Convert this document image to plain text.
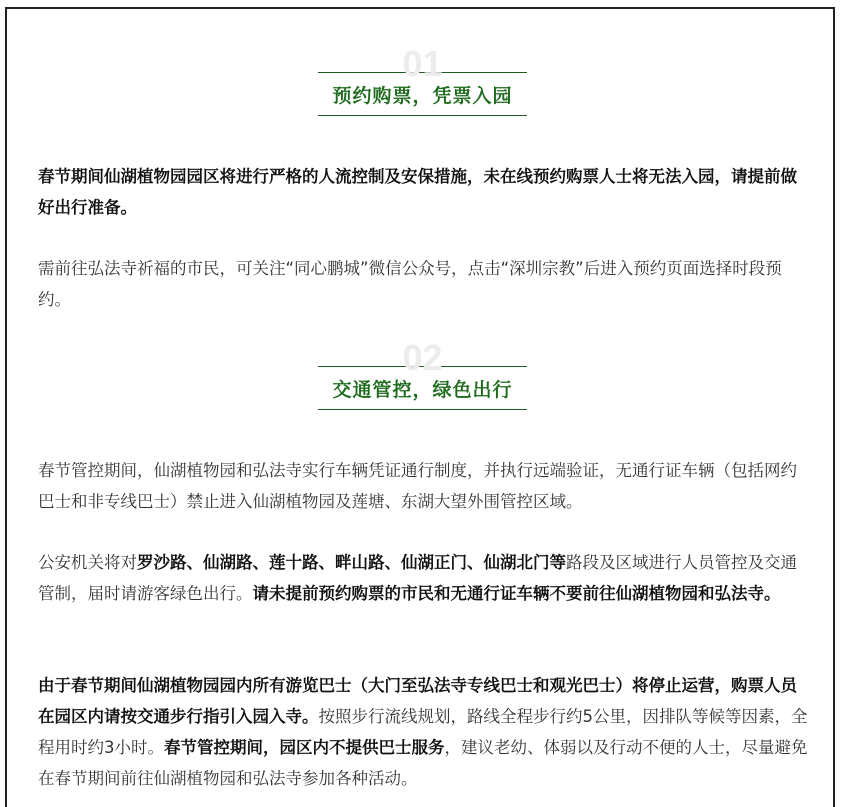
01
预约购票，凭票入园

春节期间仙湖植物园园区将进行严格的人流控制及安保措施，未在线预约购票人士将无法入园，请提前做好出行准备。

需前往弘法寺祈福的市民，可关注“同心鹏城”微信公众号，点击“深圳宗教”后进入预约页面选择时段预约。

02
交通管控，绿色出行

春节管控期间，仙湖植物园和弘法寺实行车辆凭证通行制度，并执行远端验证，无通行证车辆（包括网约巴士和非专线巴士）禁止进入仙湖植物园及莲塘、东湖大望外围管控区域。

公安机关将对罗沙路、仙湖路、莲十路、畔山路、仙湖正门、仙湖北门等路段及区域进行人员管控及交通管制，届时请游客绿色出行。请未提前预约购票的市民和无通行证车辆不要前往仙湖植物园和弘法寺。

由于春节期间仙湖植物园园内所有游览巴士（大门至弘法寺专线巴士和观光巴士）将停止运营，购票人员在园区内请按交通步行指引入园入寺。按照步行流线规划，路线全程步行约5公里，因排队等候等因素，全程用时约3小时。春节管控期间，园区内不提供巴士服务，建议老幼、体弱以及行动不便的人士，尽量避免在春节期间前往仙湖植物园和弘法寺参加各种活动。
